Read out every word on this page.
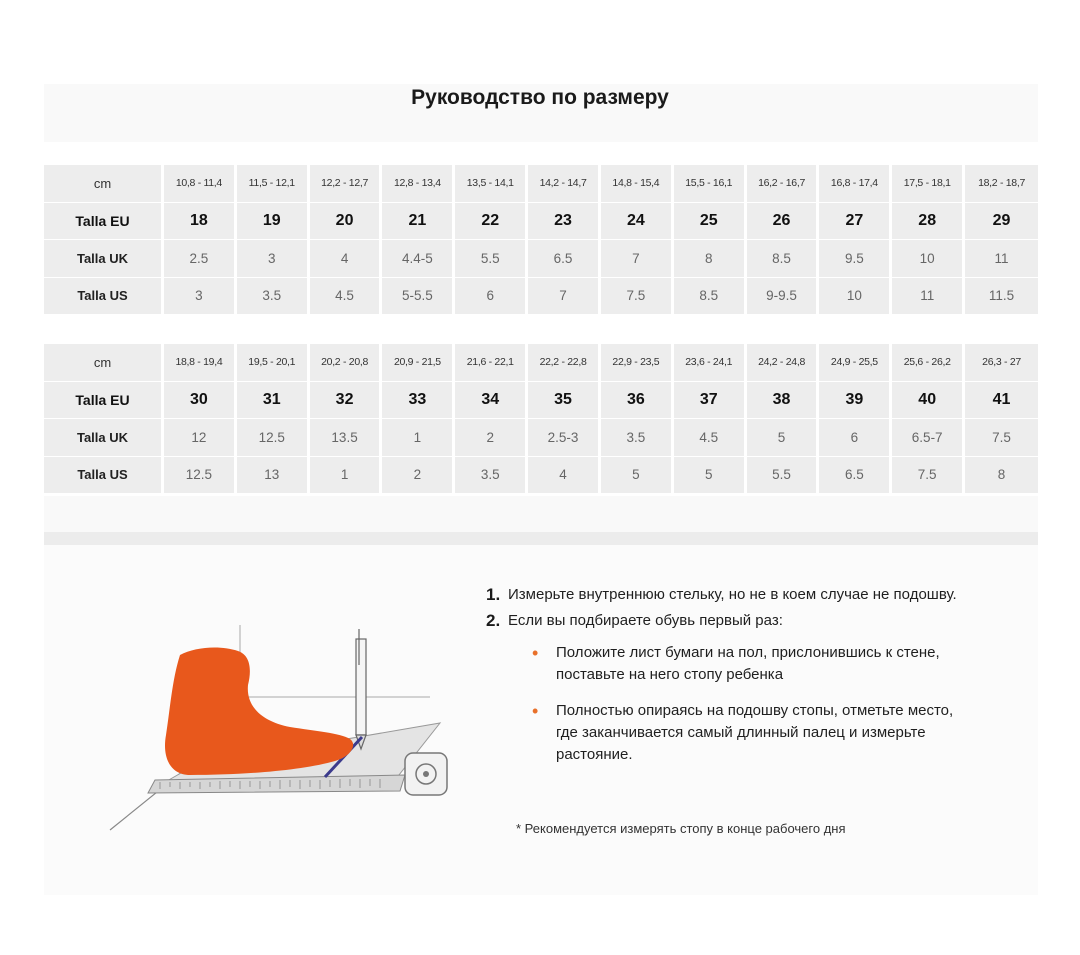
Руководство по размеру
cm	10,8 - 11,4	11,5 - 12,1	12,2 - 12,7	12,8 - 13,4	13,5 - 14,1	14,2 - 14,7	14,8 - 15,4	15,5 - 16,1	16,2 - 16,7	16,8 - 17,4	17,5 - 18,1	18,2 - 18,7
Talla EU	18	19	20	21	22	23	24	25	26	27	28	29
Talla UK	2.5	3	4	4.4-5	5.5	6.5	7	8	8.5	9.5	10	11
Talla US	3	3.5	4.5	5-5.5	6	7	7.5	8.5	9-9.5	10	11	11.5
cm	18,8 - 19,4	19,5 - 20,1	20,2 - 20,8	20,9 - 21,5	21,6 - 22,1	22,2 - 22,8	22,9 - 23,5	23,6 - 24,1	24,2 - 24,8	24,9 - 25,5	25,6 - 26,2	26,3 - 27
Talla EU	30	31	32	33	34	35	36	37	38	39	40	41
Talla UK	12	12.5	13.5	1	2	2.5-3	3.5	4.5	5	6	6.5-7	7.5
Talla US	12.5	13	1	2	3.5	4	5	5	5.5	6.5	7.5	8
1. Измерьте внутреннюю стельку, но не в коем случае не подошву.
2. Если вы подбираете обувь первый раз:
•	Положите лист бумаги на пол, прислонившись к стене, поставьте на него стопу ребенка
•	Полностью опираясь на подошву стопы, отметьте место, где заканчивается самый длинный палец и измерьте растояние.
* Рекомендуется измерять стопу в конце рабочего дня
